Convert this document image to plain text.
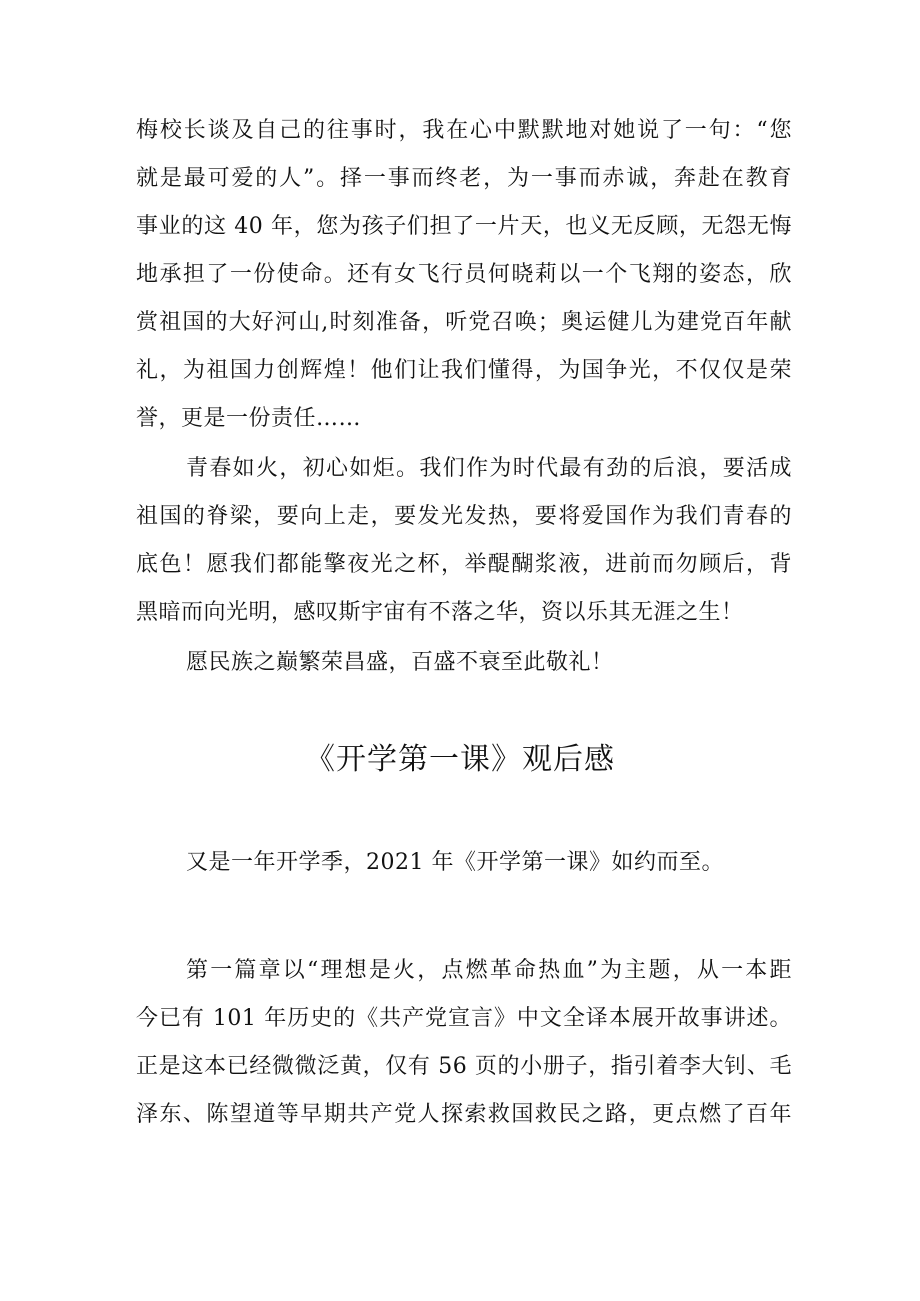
梅校长谈及自己的往事时，我在心中默默地对她说了一句：“您
就是最可爱的人”。择一事而终老，为一事而赤诚，奔赴在教育
事业的这 40 年，您为孩子们担了一片天，也义无反顾，无怨无悔
地承担了一份使命。还有女飞行员何晓莉以一个飞翔的姿态，欣
赏祖国的大好河山,时刻准备，听党召唤；奥运健儿为建党百年献
礼，为祖国力创辉煌！他们让我们懂得，为国争光，不仅仅是荣
誉，更是一份责任……
青春如火，初心如炬。我们作为时代最有劲的后浪，要活成
祖国的脊梁，要向上走，要发光发热，要将爱国作为我们青春的
底色！愿我们都能擎夜光之杯，举醍醐浆液，进前而勿顾后，背
黑暗而向光明，感叹斯宇宙有不落之华，资以乐其无涯之生！
愿民族之巅繁荣昌盛，百盛不衰至此敬礼！
《开学第一课》观后感
又是一年开学季，2021 年《开学第一课》如约而至。
第一篇章以“理想是火，点燃革命热血”为主题，从一本距
今已有 101 年历史的《共产党宣言》中文全译本展开故事讲述。
正是这本已经微微泛黄，仅有 56 页的小册子，指引着李大钊、毛
泽东、陈望道等早期共产党人探索救国救民之路，更点燃了百年
